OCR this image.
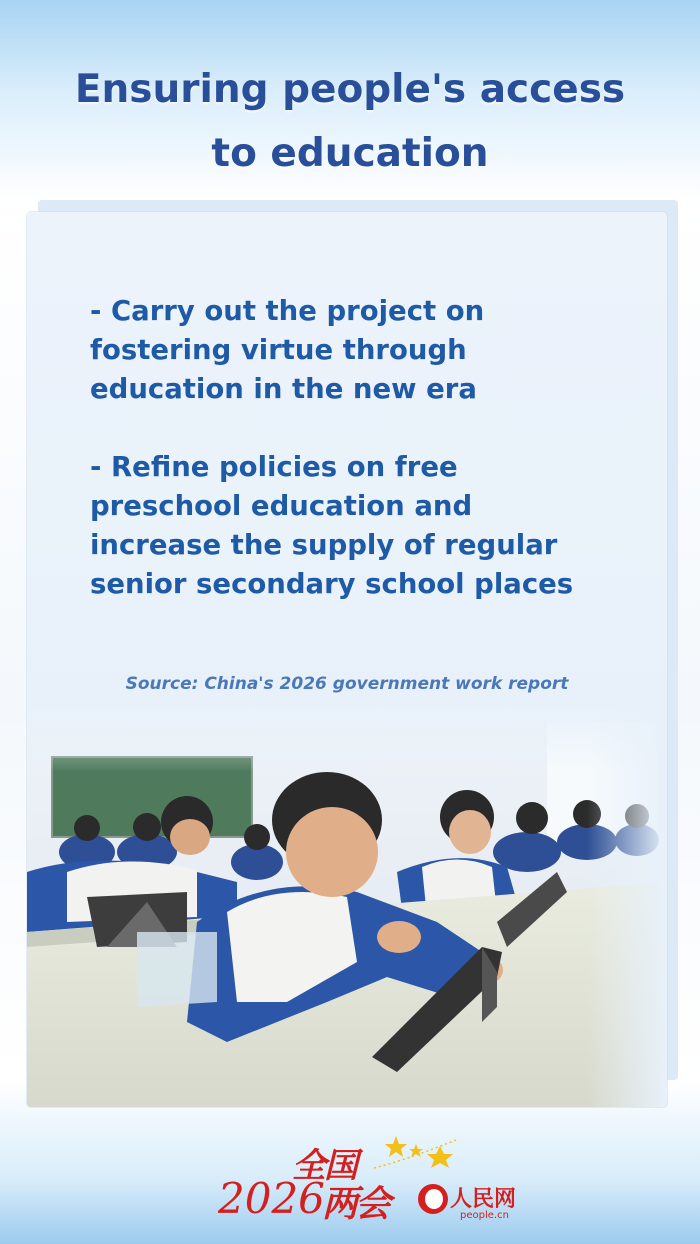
Ensuring people's access
to education
- Carry out the project on
fostering virtue through
education in the new era
- Refine policies on free
preschool education and
increase the supply of regular
senior secondary school places
Source: China's 2026 government work report
全国
2026
两会	人民网
people.cn
